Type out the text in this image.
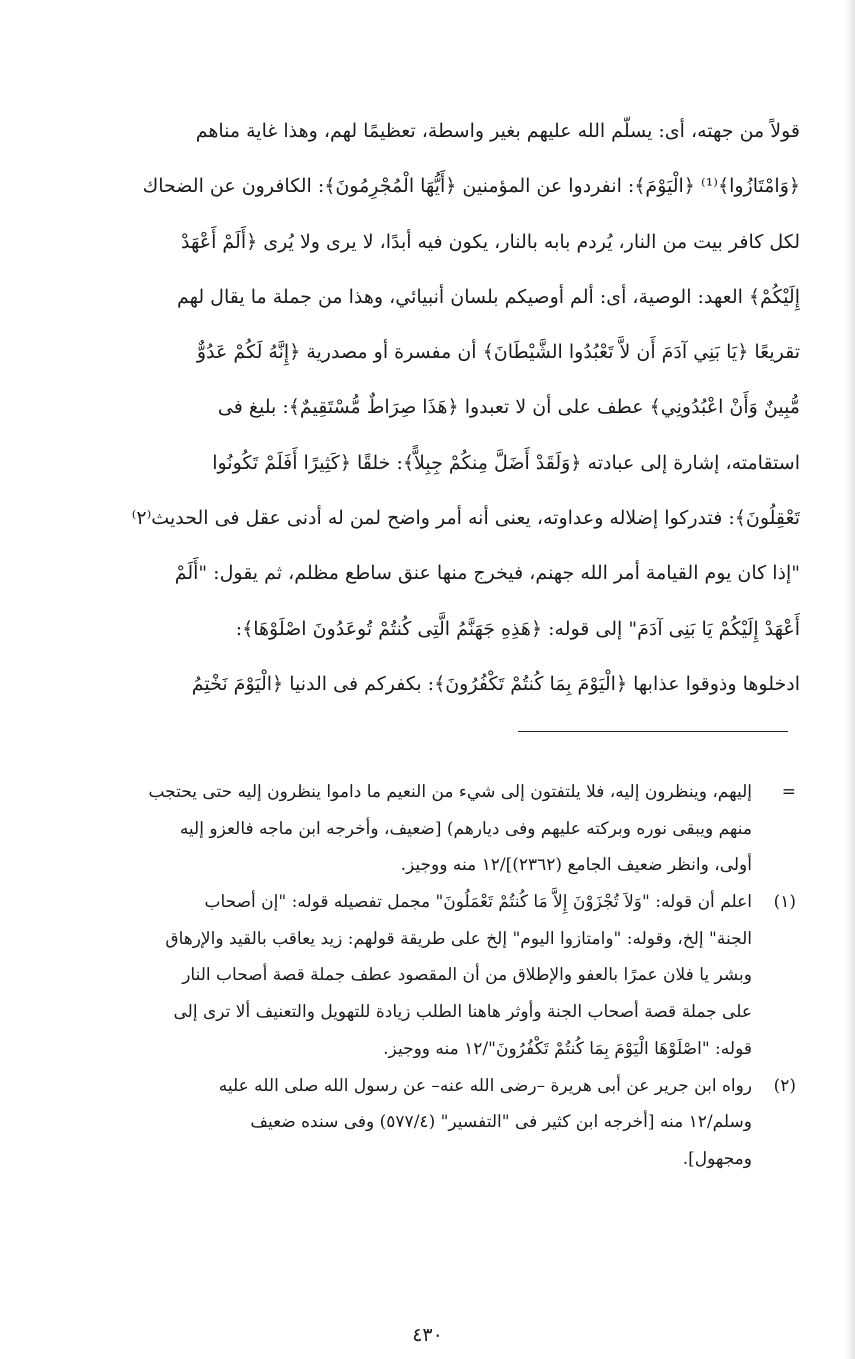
قولاً من جهته، أى: يسلّم الله عليهم بغير واسطة، تعظيمًا لهم، وهذا غاية مناهم
﴿وَامْتَازُوا﴾⁽¹⁾ ﴿الْيَوْمَ﴾: انفردوا عن المؤمنين ﴿أَيُّهَا الْمُجْرِمُونَ﴾: الكافرون عن الضحاك
لكل كافر بيت من النار، يُردم بابه بالنار، يكون فيه أبدًا، لا يرى ولا يُرى ﴿أَلَمْ أَعْهَدْ
إِلَيْكُمْ﴾ العهد: الوصية، أى: ألم أوصيكم بلسان أنبيائي، وهذا من جملة ما يقال لهم
تقريعًا ﴿يَا بَنِي آدَمَ أَن لاَّ تَعْبُدُوا الشَّيْطَانَ﴾ أن مفسرة أو مصدرية ﴿إِنَّهُ لَكُمْ عَدُوٌّ
مُّبِينٌ وَأَنْ اعْبُدُونِي﴾ عطف على أن لا تعبدوا ﴿هَذَا صِرَاطٌ مُّسْتَقِيمٌ﴾: بليغ فى
استقامته، إشارة إلى عبادته ﴿وَلَقَدْ أَضَلَّ مِنكُمْ جِبِلاًّ﴾: خلقًا ﴿كَثِيرًا أَفَلَمْ تَكُونُوا
تَعْقِلُونَ﴾: فتدركوا إضلاله وعداوته، يعنى أنه أمر واضح لمن له أدنى عقل فى الحديث⁽٢⁾
"إذا كان يوم القيامة أمر الله جهنم، فيخرج منها عنق ساطع مظلم، ثم يقول: "أَلَمْ
أَعْهَدْ إِلَيْكُمْ يَا بَنِى آدَمَ" إلى قوله: ﴿هَذِهِ جَهَنَّمُ الَّتِى كُنتُمْ تُوعَدُونَ اصْلَوْهَا﴾:
ادخلوها وذوقوا عذابها ﴿الْيَوْمَ بِمَا كُنتُمْ تَكْفُرُونَ﴾: بكفركم فى الدنيا ﴿الْيَوْمَ نَخْتِمُ
=
إليهم، وينظرون إليه، فلا يلتفتون إلى شيء من النعيم ما داموا ينظرون إليه حتى يحتجب
منهم ويبقى نوره وبركته عليهم وفى ديارهم) [ضعيف، وأخرجه ابن ماجه فالعزو إليه
أولى، وانظر ضعيف الجامع (٢٣٦٢)]/١٢ منه ووجيز.
(١)
اعلم أن قوله: "وَلاَ تُجْزَوْنَ إِلاَّ مَا كُنتُمْ تَعْمَلُونَ" مجمل تفصيله قوله: "إن أصحاب
الجنة" إلخ، وقوله: "وامتازوا اليوم" إلخ على طريقة قولهم: زيد يعاقب بالقيد والإرهاق
وبشر يا فلان عمرًا بالعفو والإطلاق من أن المقصود عطف جملة قصة أصحاب النار
على جملة قصة أصحاب الجنة وأوثر هاهنا الطلب زيادة للتهويل والتعنيف ألا ترى إلى
قوله: "اصْلَوْهَا الْيَوْمَ بِمَا كُنتُمْ تَكْفُرُونَ"/١٢ منه ووجيز.
(٢)
رواه ابن جرير عن أبى هريرة –رضى الله عنه– عن رسول الله صلى الله عليه
وسلم/١٢ منه [أخرجه ابن كثير فى "التفسير" (٥٧٧/٤) وفى سنده ضعيف
ومجهول].
٤٣٠
